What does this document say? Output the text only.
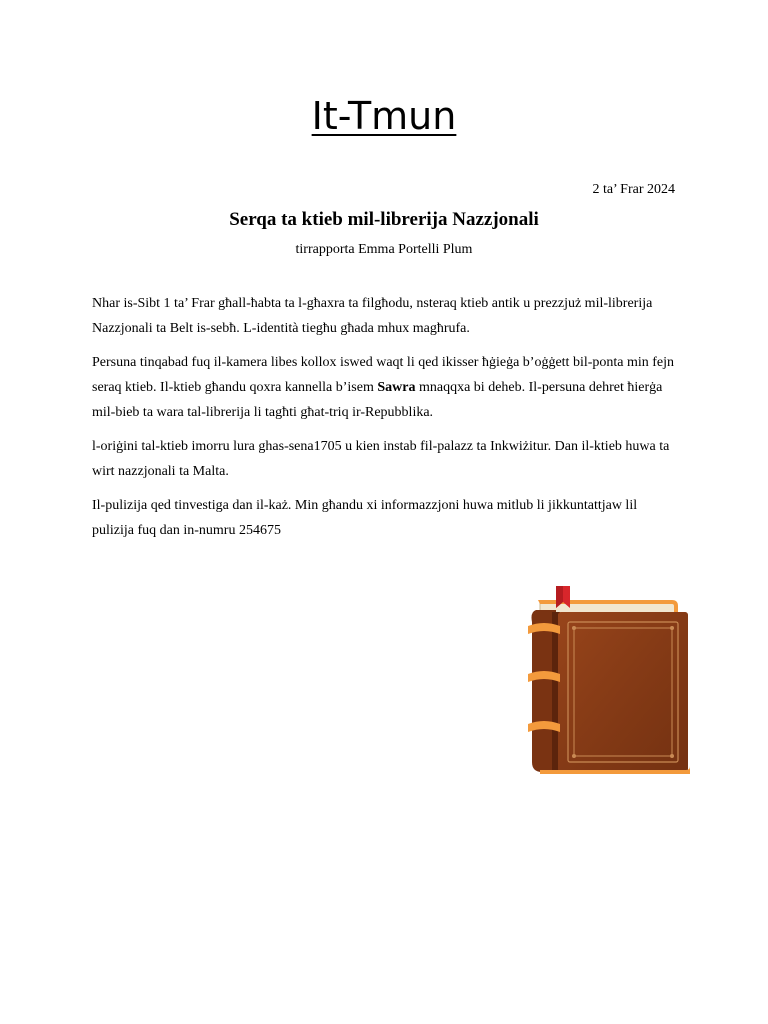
It-Tmun
2 ta’ Frar 2024
Serqa ta ktieb mil-librerija Nazzjonali
tirrapporta Emma Portelli Plum

Nhar is-Sibt 1 ta’ Frar għall-ħabta ta l-għaxra ta filgħodu, nsteraq ktieb antik u prezzjuż mil-librerija Nazzjonali ta Belt is-sebħ. L-identità tiegħu għada mhux magħrufa.

Persuna tinqabad fuq il-kamera libes kollox iswed waqt li qed ikisser ħġieġa b’oġġett bil-ponta min fejn seraq ktieb. Il-ktieb għandu qoxra kannella b’isem Sawra mnaqqxa bi deheb. Il-persuna dehret ħierġa mil-bieb ta wara tal-librerija li tagħti għat-triq ir-Repubblika.

l-oriġini tal-ktieb imorru lura ghas-sena1705 u kien instab fil-palazz ta Inkwiżitur. Dan il-ktieb huwa ta wirt nazzjonali ta Malta.

Il-pulizija qed tinvestiga dan il-każ. Min għandu xi informazzjoni huwa mitlub li jikkuntattjaw lil pulizija fuq dan in-numru 254675
